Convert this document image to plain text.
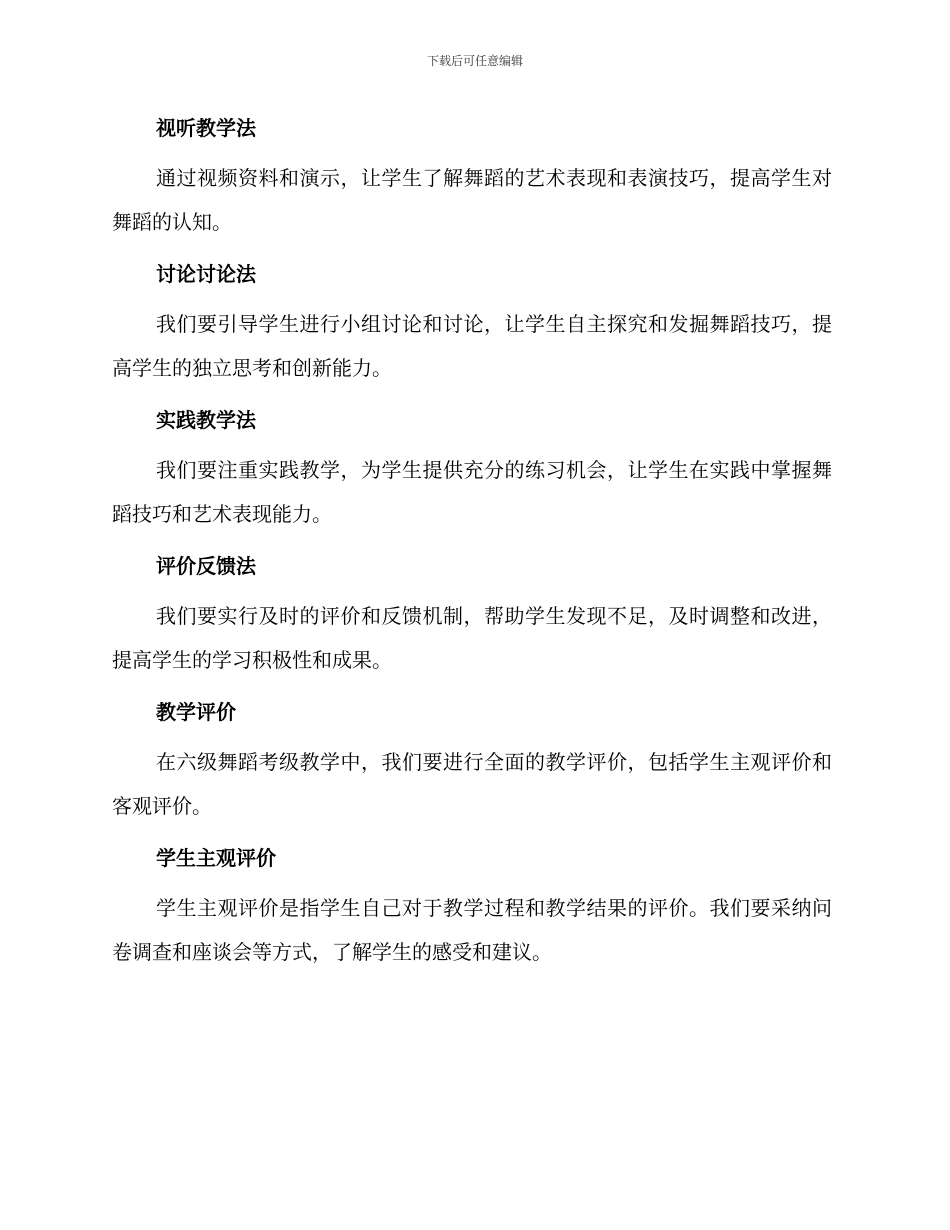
下载后可任意编辑
视听教学法
通过视频资料和演示，让学生了解舞蹈的艺术表现和表演技巧，提高学生对舞蹈的认知。
讨论讨论法
我们要引导学生进行小组讨论和讨论，让学生自主探究和发掘舞蹈技巧，提高学生的独立思考和创新能力。
实践教学法
我们要注重实践教学，为学生提供充分的练习机会，让学生在实践中掌握舞蹈技巧和艺术表现能力。
评价反馈法
我们要实行及时的评价和反馈机制，帮助学生发现不足，及时调整和改进，提高学生的学习积极性和成果。
教学评价
在六级舞蹈考级教学中，我们要进行全面的教学评价，包括学生主观评价和客观评价。
学生主观评价
学生主观评价是指学生自己对于教学过程和教学结果的评价。我们要采纳问卷调查和座谈会等方式，了解学生的感受和建议。
